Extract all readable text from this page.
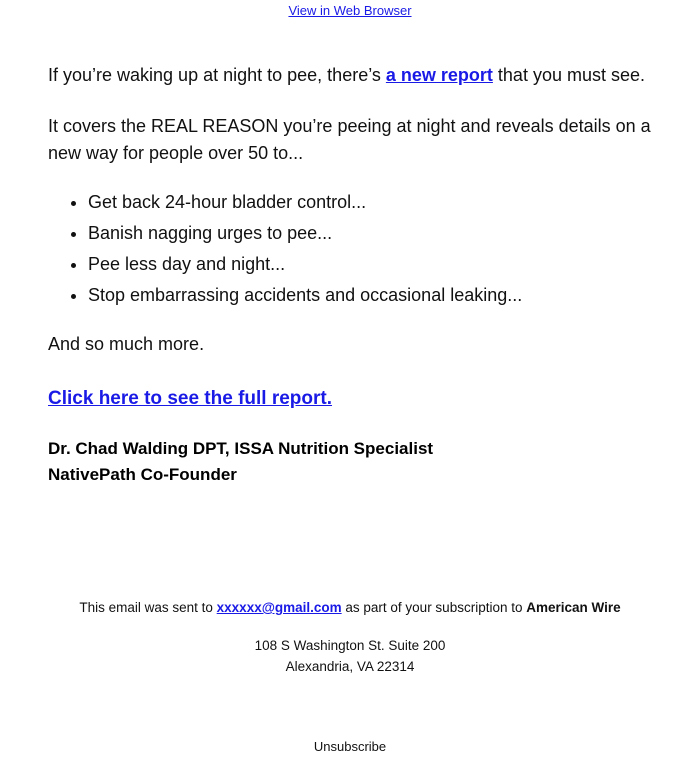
View in Web Browser

If you’re waking up at night to pee, there’s a new report that you must see.

It covers the REAL REASON you’re peeing at night and reveals details on a new way for people over 50 to...

• Get back 24-hour bladder control...
• Banish nagging urges to pee...
• Pee less day and night...
• Stop embarrassing accidents and occasional leaking...

And so much more.

Click here to see the full report.
Dr. Chad Walding DPT, ISSA Nutrition Specialist
NativePath Co-Founder
This email was sent to xxxxxx@gmail.com as part of your subscription to American Wire
108 S Washington St. Suite 200
Alexandria, VA 22314
Unsubscribe
